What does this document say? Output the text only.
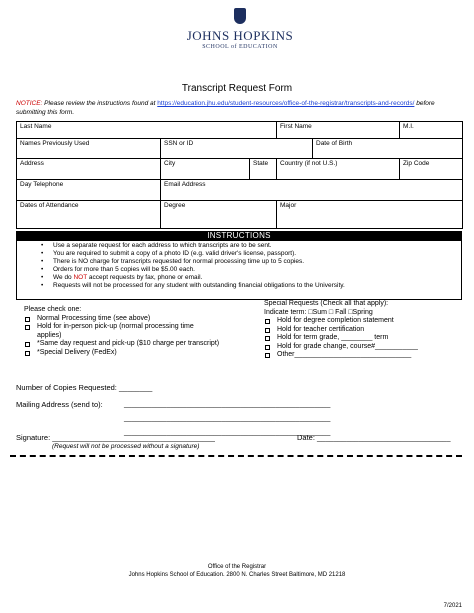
JOHNS HOPKINS
SCHOOL of EDUCATION
Transcript Request Form
NOTICE: Please review the instructions found at https://education.jhu.edu/student-resources/office-of-the-registrar/transcripts-and-records/ before submitting this form.
Last Name			First Name		M.I.
Names Previously Used	SSN or ID			Date of Birth	
Address	City	State	Country (if not U.S.)		Zip Code
Day Telephone	Email Address				
Dates of Attendance	Degree		Major		
INSTRUCTIONS
• Use a separate request for each address to which transcripts are to be sent.
• You are required to submit a copy of a photo ID (e.g. valid driver's license, passport).
• There is NO charge for transcripts requested for normal processing time up to 5 copies.
• Orders for more than 5 copies will be $5.00 each.
• We do NOT accept requests by fax, phone or email.
• Requests will not be processed for any student with outstanding financial obligations to the University.
Please check one:
Normal Processing time (see above)
Hold for in-person pick-up (normal processing time applies)
*Same day request and pick-up ($10 charge per transcript)
*Special Delivery (FedEx)
Special Requests (Check all that apply):
Indicate term: □Sum □ Fall □Spring
Hold for degree completion statement
Hold for teacher certification
Hold for term grade, ________ term
Hold for grade change, course#___________
Other______________________________
Number of Copies Requested: ________
Mailing Address (send to):	_____________________________________________________
_____________________________________________________
_____________________________________________________
Signature: _______________________________________	Date: ________________________________
(Request will not be processed without a signature)
Office of the Registrar
Johns Hopkins School of Education. 2800 N. Charles Street Baltimore, MD 21218
7/2021
